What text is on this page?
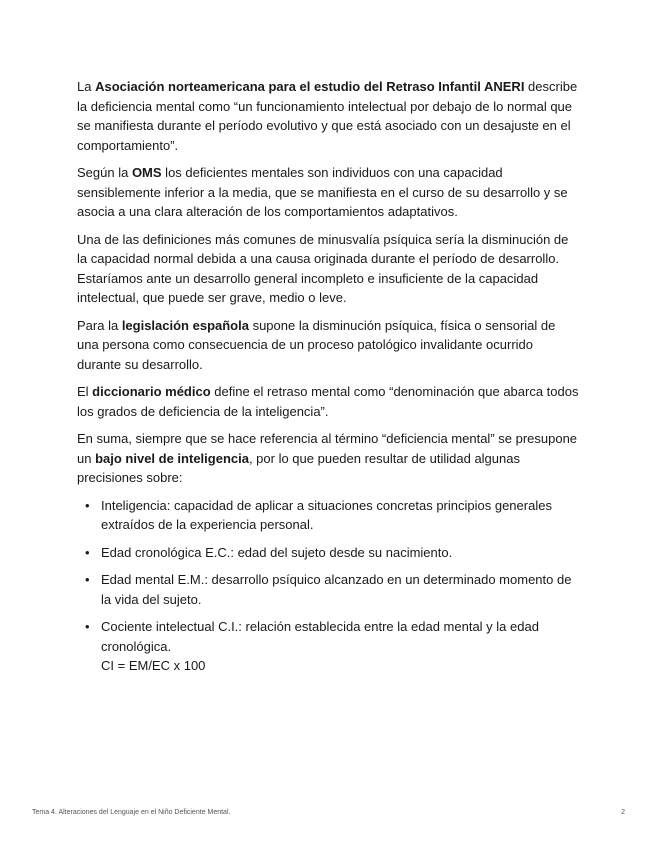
La Asociación norteamericana para el estudio del Retraso Infantil ANERI describe la deficiencia mental como “un funcionamiento intelectual por debajo de lo normal que se manifiesta durante el período evolutivo y que está asociado con un desajuste en el comportamiento”.

Según la OMS los deficientes mentales son individuos con una capacidad sensiblemente inferior a la media, que se manifiesta en el curso de su desarrollo y se asocia a una clara alteración de los comportamientos adaptativos.

Una de las definiciones más comunes de minusvalía psíquica sería la disminución de la capacidad normal debida a una causa originada durante el período de desarrollo. Estaríamos ante un desarrollo general incompleto e insuficiente de la capacidad intelectual, que puede ser grave, medio o leve.

Para la legislación española supone la disminución psíquica, física o sensorial de una persona como consecuencia de un proceso patológico invalidante ocurrido durante su desarrollo.

El diccionario médico define el retraso mental como “denominación que abarca todos los grados de deficiencia de la inteligencia”.

En suma, siempre que se hace referencia al término “deficiencia mental” se presupone un bajo nivel de inteligencia, por lo que pueden resultar de utilidad algunas precisiones sobre:

• Inteligencia: capacidad de aplicar a situaciones concretas principios generales extraídos de la experiencia personal.
• Edad cronológica E.C.: edad del sujeto desde su nacimiento.
• Edad mental E.M.: desarrollo psíquico alcanzado en un determinado momento de la vida del sujeto.
• Cociente intelectual C.I.: relación establecida entre la edad mental y la edad cronológica.
CI = EM/EC x 100
Tema 4. Alteraciones del Lenguaje en el Niño Deficiente Mental.	2
